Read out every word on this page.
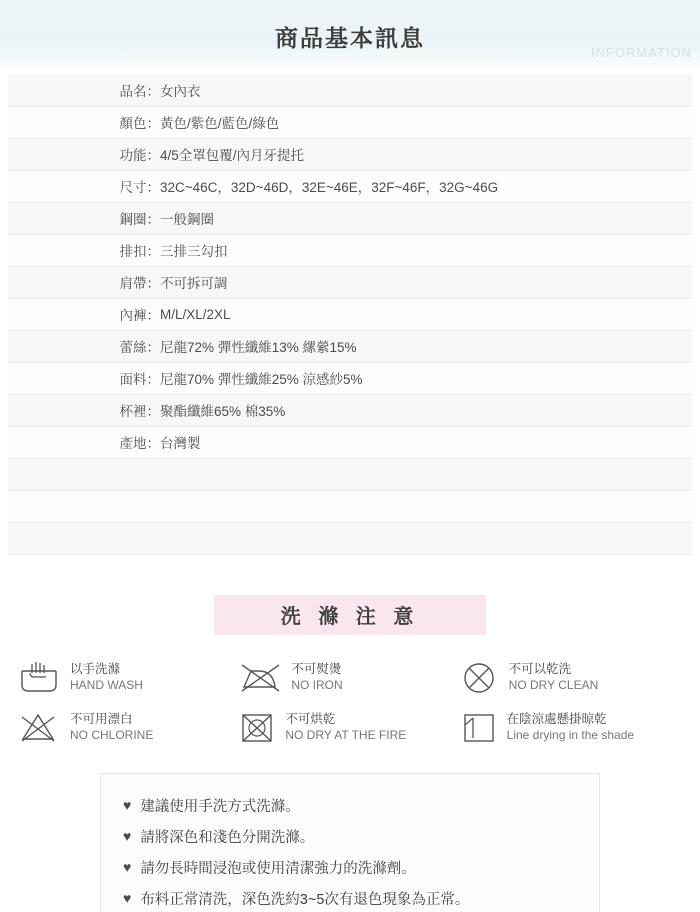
商品基本訊息
INFORMATION
愛衣朵
品名：	女內衣
顏色：	黃色/紫色/藍色/綠色
功能：	4/5全罩包覆/內月牙提托
尺寸：	32C~46C，32D~46D，32E~46E，32F~46F，32G~46G
鋼圈：	一般鋼圈
排扣：	三排三勾扣
肩帶：	不可拆可調
內褲：	M/L/XL/2XL
蕾絲：	尼龍72% 彈性纖維13% 縲縈15%
面料：	尼龍70% 彈性纖維25% 涼感紗5%
杯裡：	聚酯纖維65% 棉35%
產地：	台灣製

洗 滌 注 意
以手洗滌
HAND WASH
不可熨燙
NO IRON
不可以乾洗
NO DRY CLEAN
不可用漂白
NO CHLORINE
不可烘乾
NO DRY AT THE FIRE
在陰涼處懸掛晾乾
Line drying in the shade
♥ 建議使用手洗方式洗滌。
♥ 請將深色和淺色分開洗滌。
♥ 請勿長時間浸泡或使用清潔強力的洗滌劑。
♥ 布料正常清洗，深色洗約3~5次有退色現象為正常。
